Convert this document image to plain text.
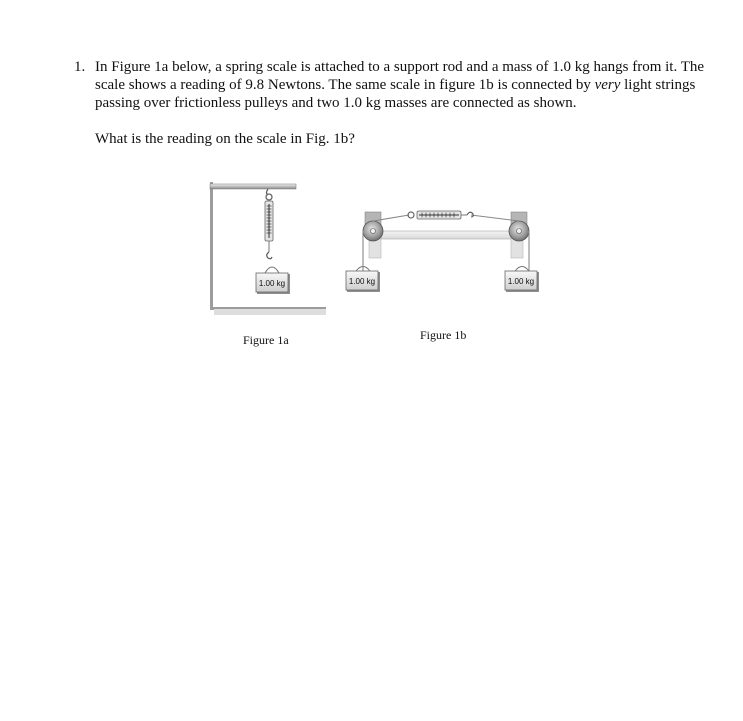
1. In Figure 1a below, a spring scale is attached to a support rod and a mass of 1.0 kg hangs from it. The scale shows a reading of 9.8 Newtons. The same scale in figure 1b is connected by very light strings passing over frictionless pulleys and two 1.0 kg masses are connected as shown.
What is the reading on the scale in Fig. 1b?
1.00 kg	1.00 kg	1.00 kg
Figure 1a	Figure 1b
